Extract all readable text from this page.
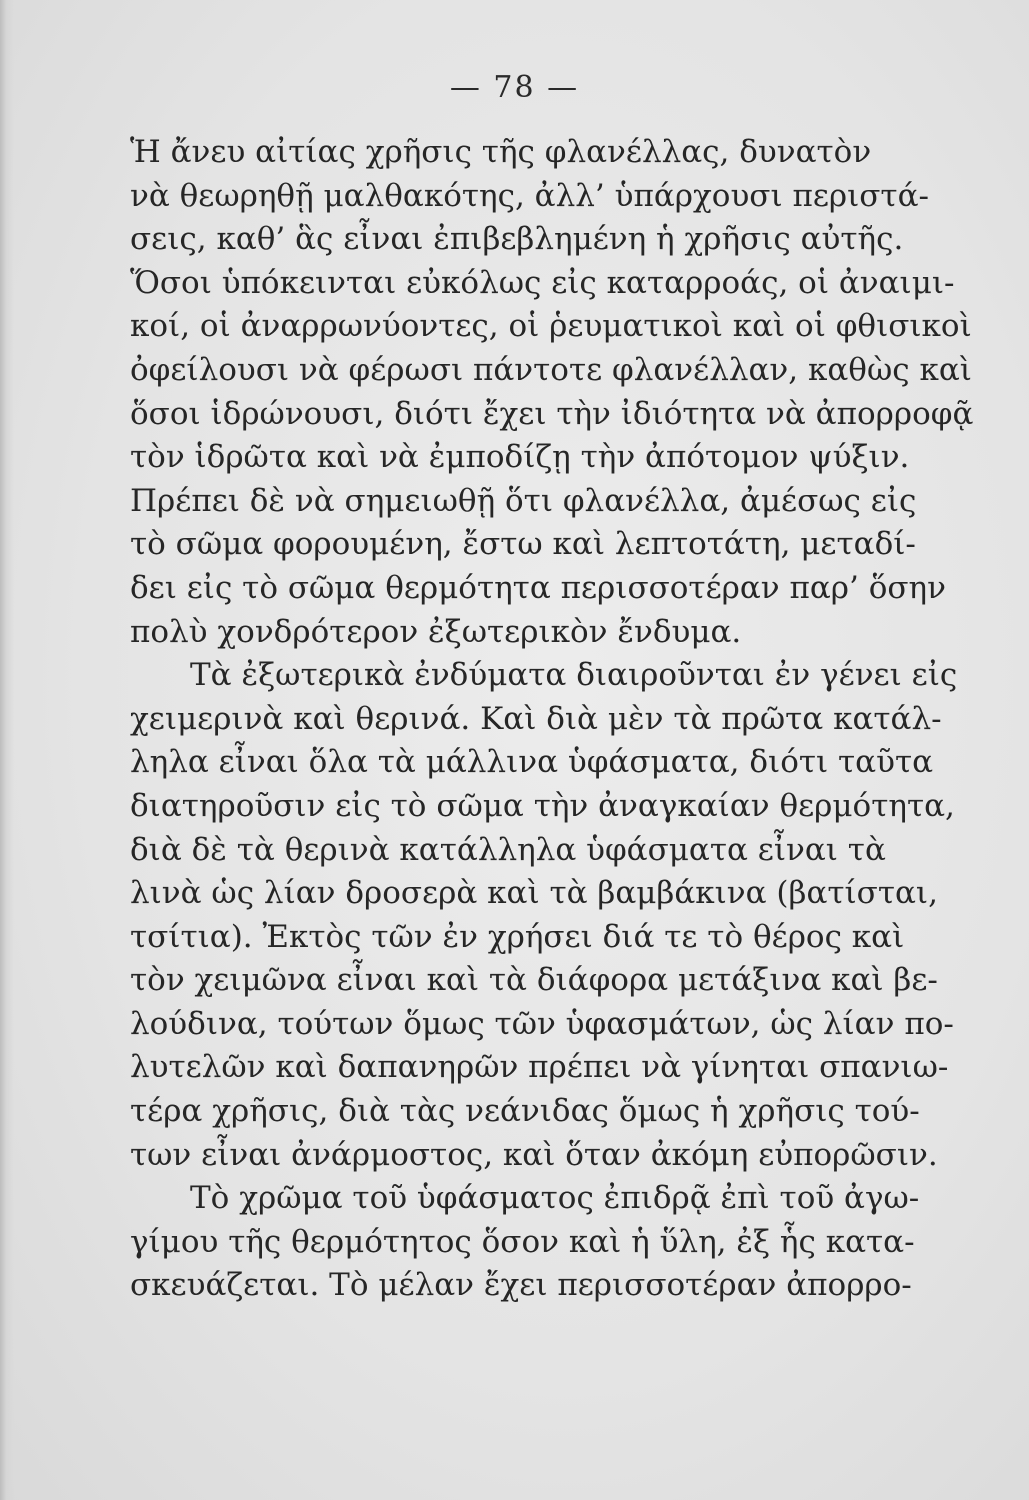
— 78 —
Ἡ ἄνευ αἰτίας χρῆσις τῆς φλανέλλας, δυνατὸν
νὰ θεωρηθῇ μαλθακότης, ἀλλ’ ὑπάρχουσι περιστά-
σεις, καθ’ ἃς εἶναι ἐπιβεβλημένη ἡ χρῆσις αὐτῆς.
Ὅσοι ὑπόκεινται εὐκόλως εἰς καταρροάς, οἱ ἀναιμι-
κοί, οἱ ἀναρρωνύοντες, οἱ ῥευματικοὶ καὶ οἱ φθισικοὶ
ὀφείλουσι νὰ φέρωσι πάντοτε φλανέλλαν, καθὼς καὶ
ὅσοι ἱδρώνουσι, διότι ἔχει τὴν ἰδιότητα νὰ ἀπορροφᾷ
τὸν ἱδρῶτα καὶ νὰ ἐμποδίζῃ τὴν ἀπότομον ψύξιν.
Πρέπει δὲ νὰ σημειωθῇ ὅτι φλανέλλα, ἀμέσως εἰς
τὸ σῶμα φορουμένη, ἔστω καὶ λεπτοτάτη, μεταδί-
δει εἰς τὸ σῶμα θερμότητα περισσοτέραν παρ’ ὅσην
πολὺ χονδρότερον ἐξωτερικὸν ἔνδυμα.
Τὰ ἐξωτερικὰ ἐνδύματα διαιροῦνται ἐν γένει εἰς
χειμερινὰ καὶ θερινά. Καὶ διὰ μὲν τὰ πρῶτα κατάλ-
ληλα εἶναι ὅλα τὰ μάλλινα ὑφάσματα, διότι ταῦτα
διατηροῦσιν εἰς τὸ σῶμα τὴν ἀναγκαίαν θερμότητα,
διὰ δὲ τὰ θερινὰ κατάλληλα ὑφάσματα εἶναι τὰ
λινὰ ὡς λίαν δροσερὰ καὶ τὰ βαμβάκινα (βατίσται,
τσίτια). Ἐκτὸς τῶν ἐν χρήσει διά τε τὸ θέρος καὶ
τὸν χειμῶνα εἶναι καὶ τὰ διάφορα μετάξινα καὶ βε-
λούδινα, τούτων ὅμως τῶν ὑφασμάτων, ὡς λίαν πο-
λυτελῶν καὶ δαπανηρῶν πρέπει νὰ γίνηται σπανιω-
τέρα χρῆσις, διὰ τὰς νεάνιδας ὅμως ἡ χρῆσις τού-
των εἶναι ἀνάρμοστος, καὶ ὅταν ἀκόμη εὐπορῶσιν.
Τὸ χρῶμα τοῦ ὑφάσματος ἐπιδρᾷ ἐπὶ τοῦ ἀγω-
γίμου τῆς θερμότητος ὅσον καὶ ἡ ὕλη, ἐξ ἧς κατα-
σκευάζεται. Τὸ μέλαν ἔχει περισσοτέραν ἀπορρο-
